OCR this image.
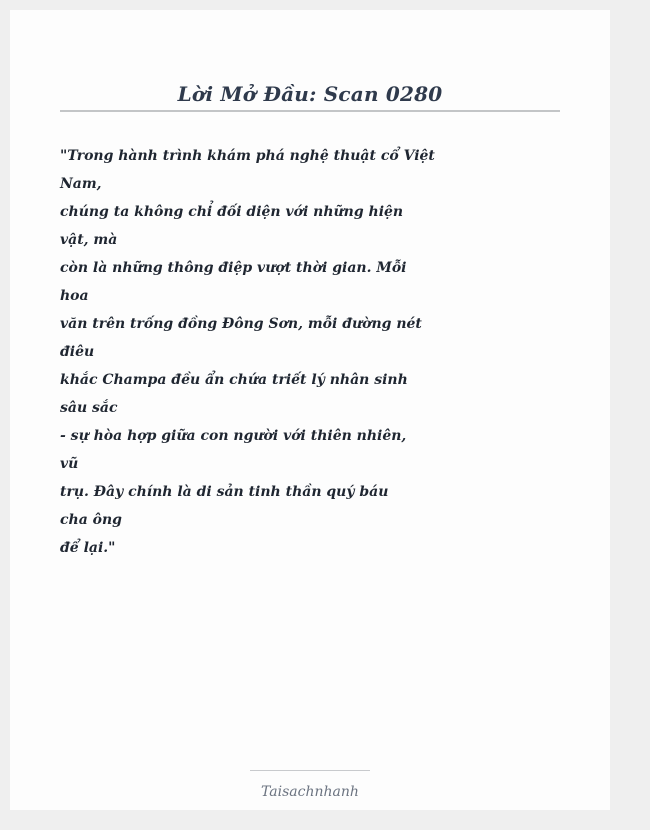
Lời Mở Đầu: Scan 0280
"Trong hành trình khám phá nghệ thuật cổ Việt
Nam,
chúng ta không chỉ đối diện với những hiện
vật, mà
còn là những thông điệp vượt thời gian. Mỗi
hoa
văn trên trống đồng Đông Sơn, mỗi đường nét
điêu
khắc Champa đều ẩn chứa triết lý nhân sinh
sâu sắc
- sự hòa hợp giữa con người với thiên nhiên,
vũ
trụ. Đây chính là di sản tinh thần quý báu
cha ông
để lại."
Taisachnhanh
